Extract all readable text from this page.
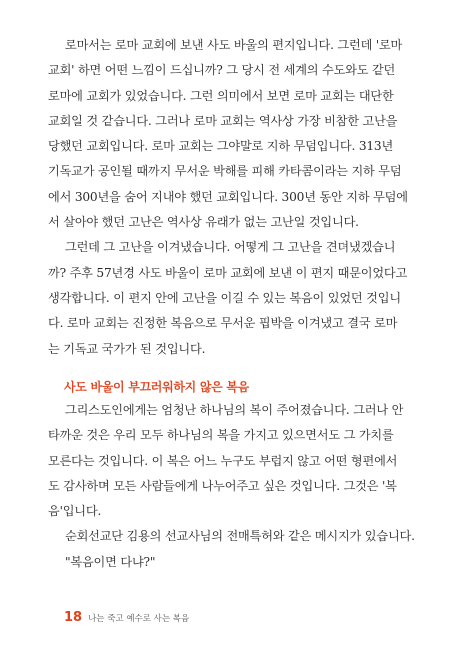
로마서는 로마 교회에 보낸 사도 바울의 편지입니다. 그런데 '로마
교회' 하면 어떤 느낌이 드십니까? 그 당시 전 세계의 수도와도 같던
로마에 교회가 있었습니다. 그런 의미에서 보면 로마 교회는 대단한
교회일 것 같습니다. 그러나 로마 교회는 역사상 가장 비참한 고난을
당했던 교회입니다. 로마 교회는 그야말로 지하 무덤입니다. 313년
기독교가 공인될 때까지 무서운 박해를 피해 카타콤이라는 지하 무덤
에서 300년을 숨어 지내야 했던 교회입니다. 300년 동안 지하 무덤에
서 살아야 했던 고난은 역사상 유래가 없는 고난일 것입니다.
그런데 그 고난을 이겨냈습니다. 어떻게 그 고난을 견뎌냈겠습니
까? 주후 57년경 사도 바울이 로마 교회에 보낸 이 편지 때문이었다고
생각합니다. 이 편지 안에 고난을 이길 수 있는 복음이 있었던 것입니
다. 로마 교회는 진정한 복음으로 무서운 핍박을 이겨냈고 결국 로마
는 기독교 국가가 된 것입니다.
사도 바울이 부끄러워하지 않은 복음
그리스도인에게는 엄청난 하나님의 복이 주어졌습니다. 그러나 안
타까운 것은 우리 모두 하나님의 복을 가지고 있으면서도 그 가치를
모른다는 것입니다. 이 복은 어느 누구도 부럽지 않고 어떤 형편에서
도 감사하며 모든 사람들에게 나누어주고 싶은 것입니다. 그것은 '복
음'입니다.
순회선교단 김용의 선교사님의 전매특허와 같은 메시지가 있습니다.
"복음이면 다냐?"
18 나는 죽고 예수로 사는 복음
